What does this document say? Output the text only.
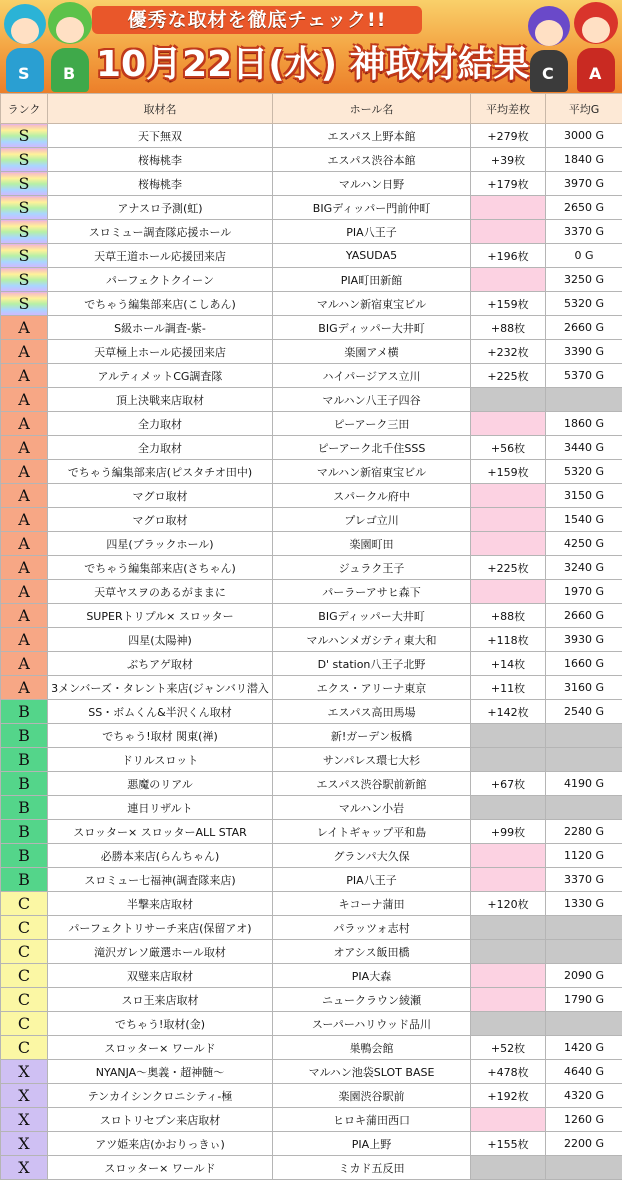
S B
優秀な取材を徹底チェック!!
10月22日(水) 神取材結果 C A
ランク	取材名	ホール名	平均差枚	平均G
S	天下無双	エスパス上野本館	+279枚	3000 G
S	桜梅桃李	エスパス渋谷本館	+39枚	1840 G
S	桜梅桃李	マルハン日野	+179枚	3970 G
S	アナスロ予測(虹)	BIGディッパー門前仲町		2650 G
S	スロミュー調査隊応援ホール	PIA八王子		3370 G
S	天草王道ホール応援団来店	YASUDA5	+196枚	0 G
S	パーフェクトクイーン	PIA町田新館		3250 G
S	でちゃう編集部来店(こしあん)	マルハン新宿東宝ビル	+159枚	5320 G
A	S級ホール調査-紫-	BIGディッパー大井町	+88枚	2660 G
A	天草極上ホール応援団来店	楽園アメ横	+232枚	3390 G
A	アルティメットCG調査隊	ハイパージアス立川	+225枚	5370 G
A	頂上決戦来店取材	マルハン八王子四谷		
A	全力取材	ピーアーク三田		1860 G
A	全力取材	ピーアーク北千住SSS	+56枚	3440 G
A	でちゃう編集部来店(ピスタチオ田中)	マルハン新宿東宝ビル	+159枚	5320 G
A	マグロ取材	スパークル府中		3150 G
A	マグロ取材	プレゴ立川		1540 G
A	四星(ブラックホール)	楽園町田		4250 G
A	でちゃう編集部来店(さちゃん)	ジュラク王子	+225枚	3240 G
A	天草ヤスヲのあるがままに	パーラーアサヒ森下		1970 G
A	SUPERトリプル× スロッター	BIGディッパー大井町	+88枚	2660 G
A	四星(太陽神)	マルハンメガシティ東大和	+118枚	3930 G
A	ぶちアゲ取材	D' station八王子北野	+14枚	1660 G
A	3メンバーズ・タレント来店(ジャンバリ潜入	エクス・アリーナ東京	+11枚	3160 G
B	SS・ボムくん&半沢くん取材	エスパス高田馬場	+142枚	2540 G
B	でちゃう!取材 関東(禅)	新!ガーデン板橋		
B	ドリルスロット	サンパレス環七大杉		
B	悪魔のリアル	エスパス渋谷駅前新館	+67枚	4190 G
B	連日リザルト	マルハン小岩		
B	スロッター× スロッターALL STAR	レイトギャップ平和島	+99枚	2280 G
B	必勝本来店(らんちゃん)	グランパ大久保		1120 G
B	スロミュー七福神(調査隊来店)	PIA八王子		3370 G
C	半撃来店取材	キコーナ蒲田	+120枚	1330 G
C	パーフェクトリサーチ来店(保留アオ)	パラッツォ志村		
C	滝沢ガレソ厳選ホール取材	オアシス飯田橋		
C	双璧来店取材	PIA大森		2090 G
C	スロ王来店取材	ニュークラウン綾瀬		1790 G
C	でちゃう!取材(金)	スーパーハリウッド品川		
C	スロッター× ワールド	巣鴨会館	+52枚	1420 G
X	NYANJA～奥義・超神髄～	マルハン池袋SLOT BASE	+478枚	4640 G
X	テンカイシンクロニシティ-極	楽園渋谷駅前	+192枚	4320 G
X	スロトリセブン来店取材	ヒロキ蒲田西口		1260 G
X	アツ姫来店(かおりっきぃ)	PIA上野	+155枚	2200 G
X	スロッター× ワールド	ミカド五反田		
